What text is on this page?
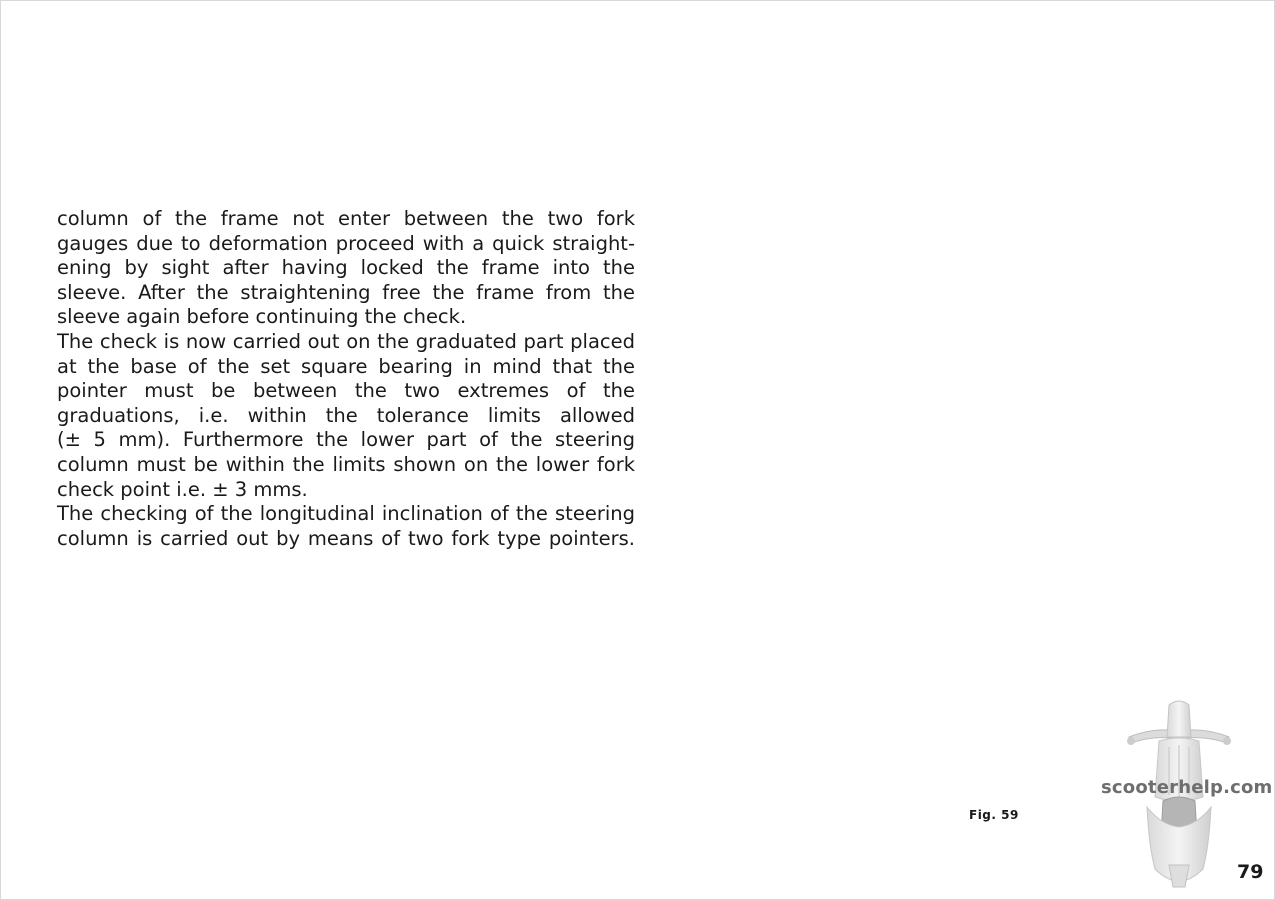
column of the frame not enter between the two fork
gauges due to deformation proceed with a quick straight-
ening by sight after having locked the frame into the
sleeve. After the straightening free the frame from the
sleeve again before continuing the check.
The check is now carried out on the graduated part placed
at the base of the set square bearing in mind that the
pointer must be between the two extremes of the
graduations, i.e. within the tolerance limits allowed
(± 5 mm). Furthermore the lower part of the steering
column must be within the limits shown on the lower fork
check point i.e. ± 3 mms.
The checking of the longitudinal inclination of the steering
column is carried out by means of two fork type pointers.
Fig. 59
scooterhelp.com
79
